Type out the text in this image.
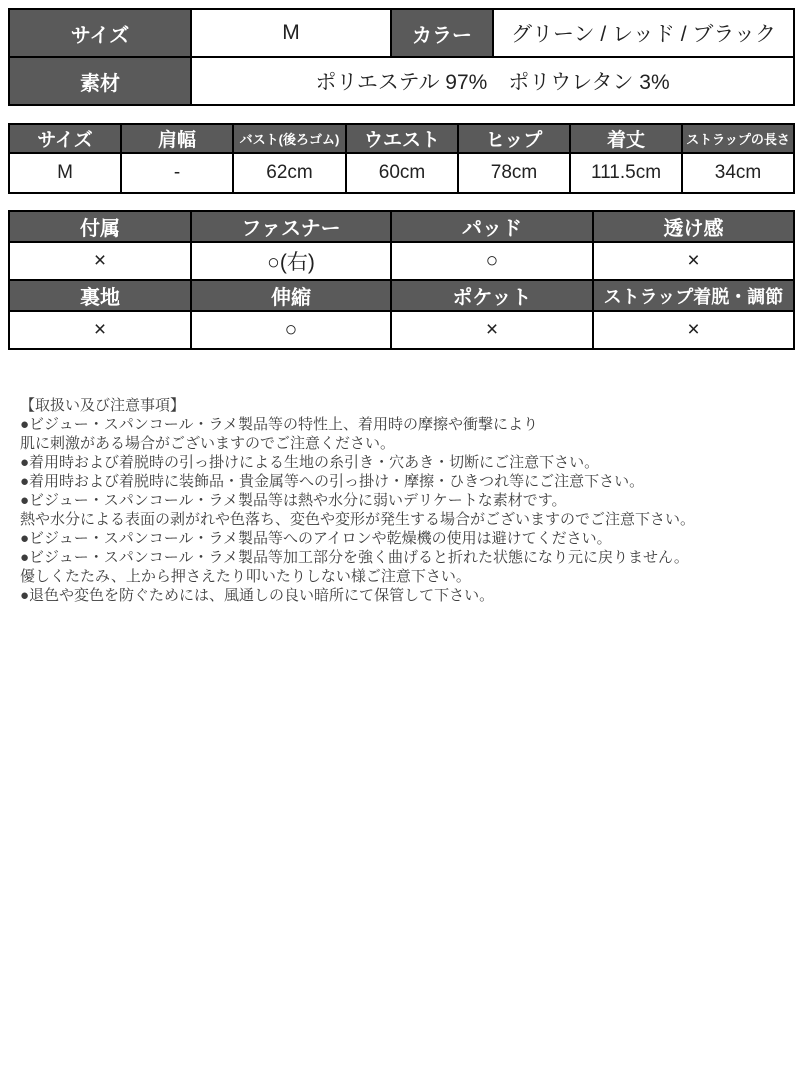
サイズ	M	カラー	グリーン / レッド / ブラック
素材	ポリエステル 97%　ポリウレタン 3%		
サイズ	肩幅	バスト(後ろゴム)	ウエスト	ヒップ	着丈	ストラップの長さ
M	-	62cm	60cm	78cm	111.5cm	34cm
付属	ファスナー	パッド	透け感
×	○(右)	○	×
裏地	伸縮	ポケット	ストラップ着脱・調節
×	○	×	×
【取扱い及び注意事項】
●ビジュー・スパンコール・ラメ製品等の特性上、着用時の摩擦や衝撃により
肌に刺激がある場合がございますのでご注意ください。
●着用時および着脱時の引っ掛けによる生地の糸引き・穴あき・切断にご注意下さい。
●着用時および着脱時に装飾品・貴金属等への引っ掛け・摩擦・ひきつれ等にご注意下さい。
●ビジュー・スパンコール・ラメ製品等は熱や水分に弱いデリケートな素材です。
熱や水分による表面の剥がれや色落ち、変色や変形が発生する場合がございますのでご注意下さい。
●ビジュー・スパンコール・ラメ製品等へのアイロンや乾燥機の使用は避けてください。
●ビジュー・スパンコール・ラメ製品等加工部分を強く曲げると折れた状態になり元に戻りません。
優しくたたみ、上から押さえたり叩いたりしない様ご注意下さい。
●退色や変色を防ぐためには、風通しの良い暗所にて保管して下さい。
